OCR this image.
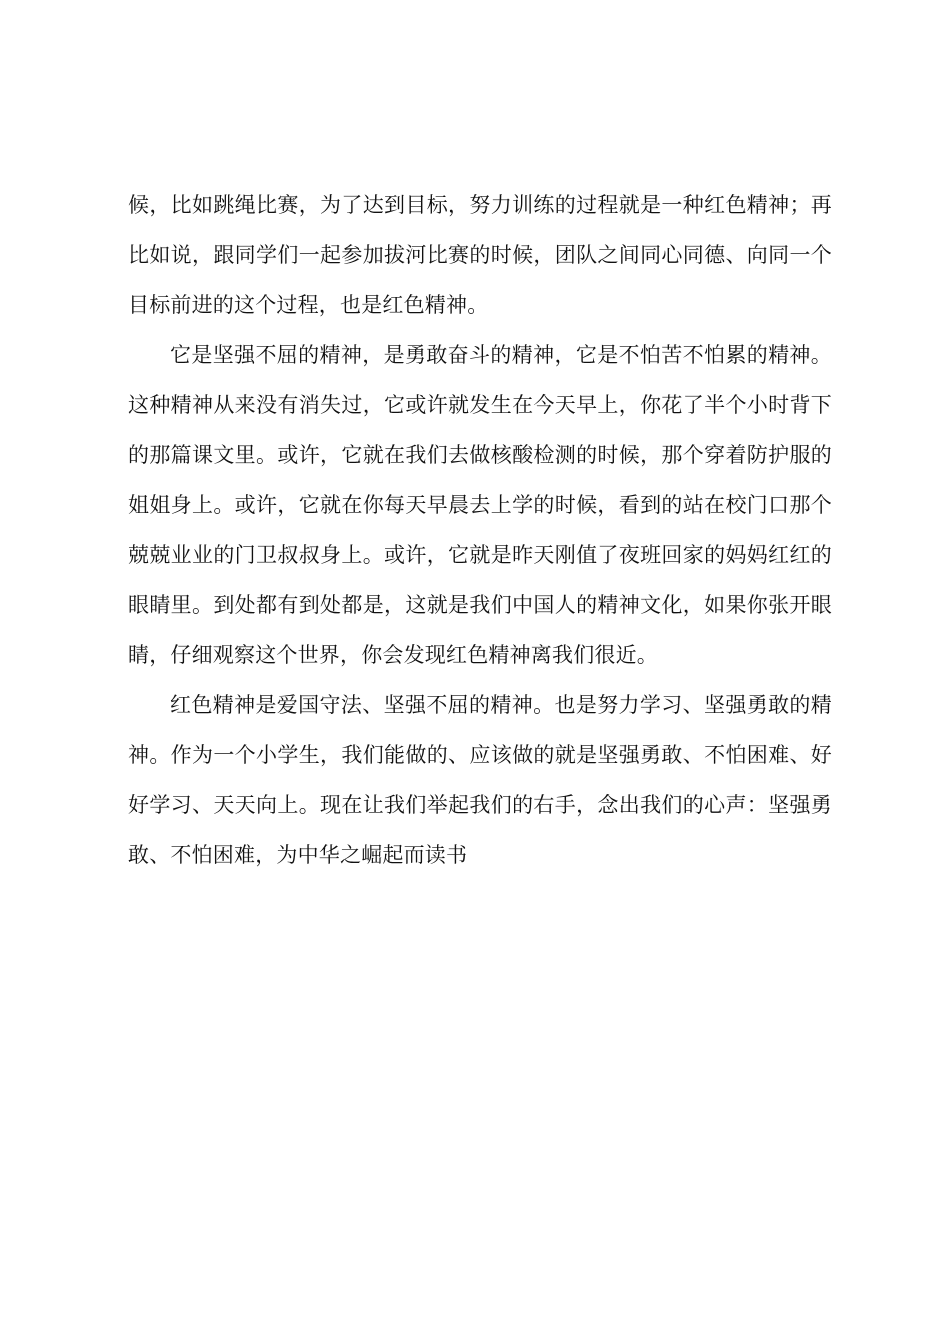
候，比如跳绳比赛，为了达到目标，努力训练的过程就是一种红色精神；再比如说，跟同学们一起参加拔河比赛的时候，团队之间同心同德、向同一个目标前进的这个过程，也是红色精神。

它是坚强不屈的精神，是勇敢奋斗的精神，它是不怕苦不怕累的精神。这种精神从来没有消失过，它或许就发生在今天早上，你花了半个小时背下的那篇课文里。或许，它就在我们去做核酸检测的时候，那个穿着防护服的姐姐身上。或许，它就在你每天早晨去上学的时候，看到的站在校门口那个兢兢业业的门卫叔叔身上。或许，它就是昨天刚值了夜班回家的妈妈红红的眼睛里。到处都有到处都是，这就是我们中国人的精神文化，如果你张开眼睛，仔细观察这个世界，你会发现红色精神离我们很近。

红色精神是爱国守法、坚强不屈的精神。也是努力学习、坚强勇敢的精神。作为一个小学生，我们能做的、应该做的就是坚强勇敢、不怕困难、好好学习、天天向上。现在让我们举起我们的右手，念出我们的心声：坚强勇敢、不怕困难，为中华之崛起而读书
